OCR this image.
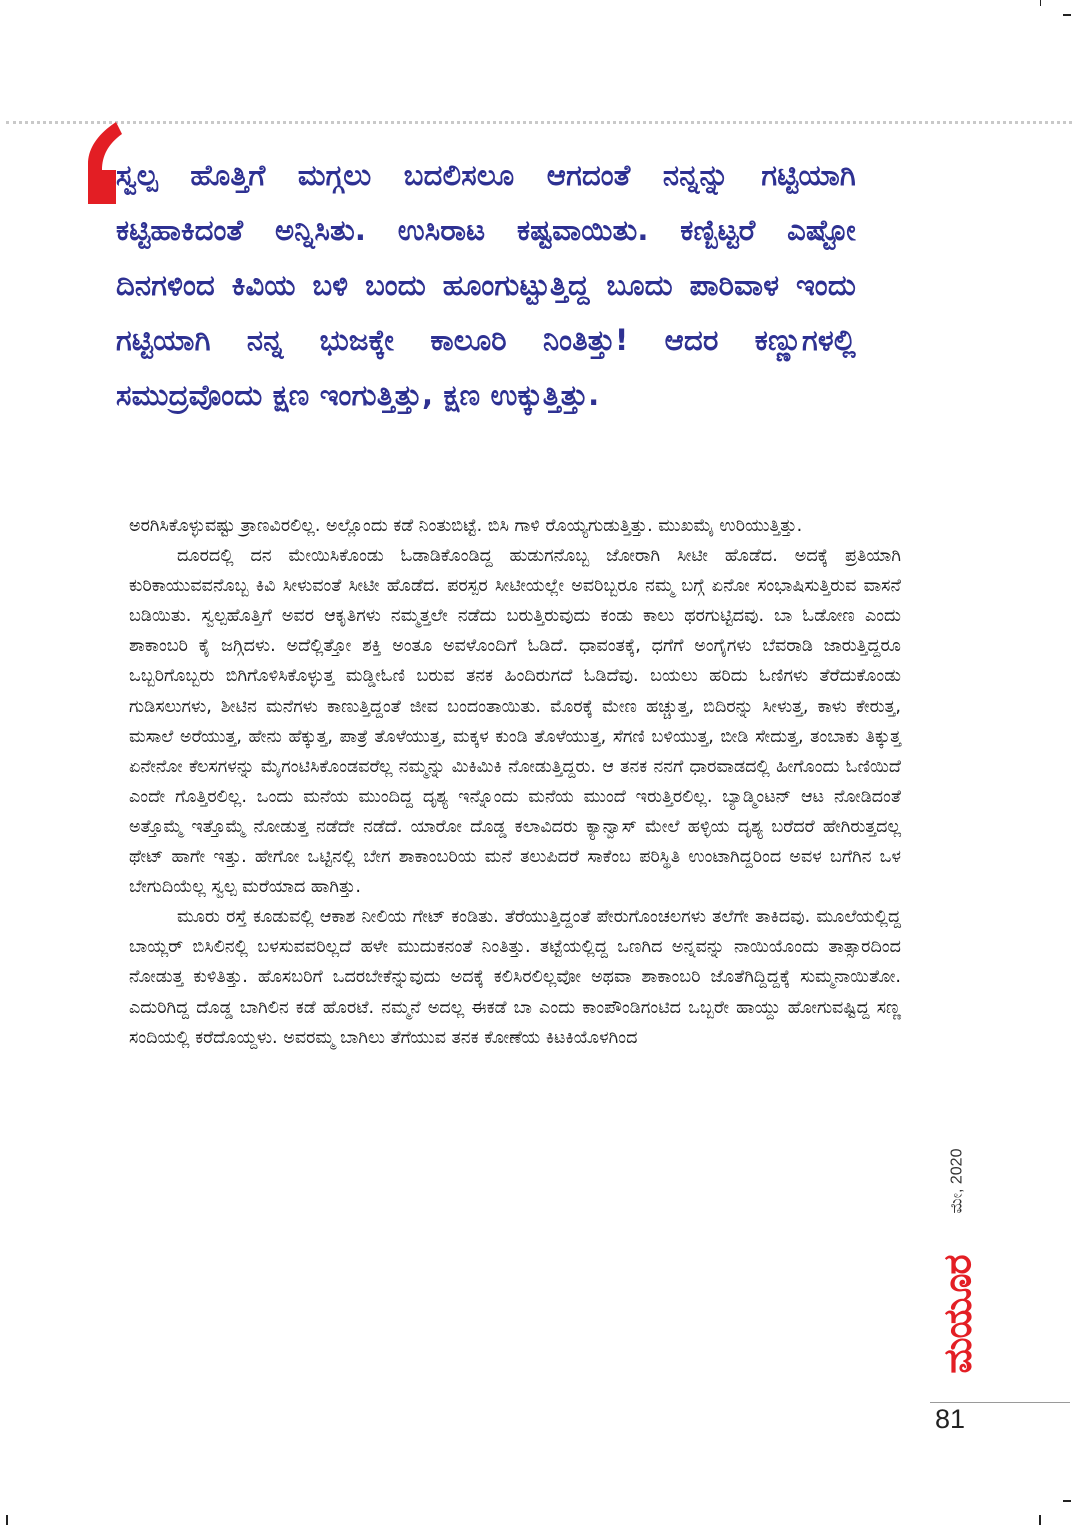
ಸ್ವಲ್ಪ ಹೊತ್ತಿಗೆ ಮಗ್ಗಲು ಬದಲಿಸಲೂ ಆಗದಂತೆ ನನ್ನನ್ನು ಗಟ್ಟಿಯಾಗಿ ಕಟ್ಟಿಹಾಕಿದಂತೆ ಅನ್ನಿಸಿತು. ಉಸಿರಾಟ ಕಷ್ಟವಾಯಿತು. ಕಣ್ಬಿಟ್ಟರೆ ಎಷ್ಟೋ ದಿನಗಳಿಂದ ಕಿವಿಯ ಬಳಿ ಬಂದು ಹೂಂಗುಟ್ಟುತ್ತಿದ್ದ ಬೂದು ಪಾರಿವಾಳ ಇಂದು ಗಟ್ಟಿಯಾಗಿ ನನ್ನ ಭುಜಕ್ಕೇ ಕಾಲೂರಿ ನಿಂತಿತ್ತು! ಆದರ ಕಣ್ಣುಗಳಲ್ಲಿ ಸಮುದ್ರವೊಂದು ಕ್ಷಣ ಇಂಗುತ್ತಿತ್ತು, ಕ್ಷಣ ಉಕ್ಕುತ್ತಿತ್ತು.

ಅರಗಿಸಿಕೊಳ್ಳುವಷ್ಟು ತ್ರಾಣವಿರಲಿಲ್ಲ. ಅಲ್ಲೊಂದು ಕಡೆ ನಿಂತುಬಿಟ್ಟೆ. ಬಿಸಿ ಗಾಳಿ ರೊಯ್ಯಗುಡುತ್ತಿತ್ತು. ಮುಖಮೈ ಉರಿಯುತ್ತಿತ್ತು.

ದೂರದಲ್ಲಿ ದನ ಮೇಯಿಸಿಕೊಂಡು ಓಡಾಡಿಕೊಂಡಿದ್ದ ಹುಡುಗನೊಬ್ಬ ಜೋರಾಗಿ ಸೀಟೀ ಹೊಡೆದ. ಅದಕ್ಕೆ ಪ್ರತಿಯಾಗಿ ಕುರಿಕಾಯುವವನೊಬ್ಬ ಕಿವಿ ಸೀಳುವಂತೆ ಸೀಟೀ ಹೊಡೆದ. ಪರಸ್ಪರ ಸೀಟೀಯಲ್ಲೇ ಅವರಿಬ್ಬರೂ ನಮ್ಮ ಬಗ್ಗೆ ಏನೋ ಸಂಭಾಷಿಸುತ್ತಿರುವ ವಾಸನೆ ಬಡಿಯಿತು. ಸ್ವಲ್ಪಹೊತ್ತಿಗೆ ಅವರ ಆಕೃತಿಗಳು ನಮ್ಮತ್ತಲೇ ನಡೆದು ಬರುತ್ತಿರುವುದು ಕಂಡು ಕಾಲು ಥರಗುಟ್ಟಿದವು. ಬಾ ಓಡೋಣ ಎಂದು ಶಾಕಾಂಬರಿ ಕೈ ಜಗ್ಗಿದಳು. ಅದೆಲ್ಲಿತ್ತೋ ಶಕ್ತಿ ಅಂತೂ ಅವಳೊಂದಿಗೆ ಓಡಿದೆ. ಧಾವಂತಕ್ಕೆ, ಧಗೆಗೆ ಅಂಗೈಗಳು ಬೆವರಾಡಿ ಜಾರುತ್ತಿದ್ದರೂ ಒಬ್ಬರಿಗೊಬ್ಬರು ಬಿಗಿಗೊಳಿಸಿಕೊಳ್ಳುತ್ತ ಮಡ್ಡೀಓಣಿ ಬರುವ ತನಕ ಹಿಂದಿರುಗದೆ ಓಡಿದೆವು. ಬಯಲು ಹರಿದು ಓಣಿಗಳು ತೆರೆದುಕೊಂಡು ಗುಡಿಸಲುಗಳು, ಶೀಟಿನ ಮನೆಗಳು ಕಾಣುತ್ತಿದ್ದಂತೆ ಜೀವ ಬಂದಂತಾಯಿತು. ಮೊರಕ್ಕೆ ಮೇಣ ಹಚ್ಚುತ್ತ, ಬಿದಿರನ್ನು ಸೀಳುತ್ತ, ಕಾಳು ಕೇರುತ್ತ, ಮಸಾಲೆ ಅರೆಯುತ್ತ, ಹೇನು ಹೆಕ್ಕುತ್ತ, ಪಾತ್ರೆ ತೊಳೆಯುತ್ತ, ಮಕ್ಕಳ ಕುಂಡಿ ತೊಳೆಯುತ್ತ, ಸೆಗಣಿ ಬಳಿಯುತ್ತ, ಬೀಡಿ ಸೇದುತ್ತ, ತಂಬಾಕು ತಿಕ್ಕುತ್ತ ಏನೇನೋ ಕೆಲಸಗಳನ್ನು ಮೈಗಂಟಿಸಿಕೊಂಡವರೆಲ್ಲ ನಮ್ಮನ್ನು ಮಿಕಿಮಿಕಿ ನೋಡುತ್ತಿದ್ದರು. ಆ ತನಕ ನನಗೆ ಧಾರವಾಡದಲ್ಲಿ ಹೀಗೊಂದು ಓಣಿಯಿದೆ ಎಂದೇ ಗೊತ್ತಿರಲಿಲ್ಲ. ಒಂದು ಮನೆಯ ಮುಂದಿದ್ದ ದೃಶ್ಯ ಇನ್ನೊಂದು ಮನೆಯ ಮುಂದೆ ಇರುತ್ತಿರಲಿಲ್ಲ. ಬ್ಯಾಡ್ಮಿಂಟನ್ ಆಟ ನೋಡಿದಂತೆ ಅತ್ತೊಮ್ಮೆ ಇತ್ತೊಮ್ಮೆ ನೋಡುತ್ತ ನಡೆದೇ ನಡೆದೆ. ಯಾರೋ ದೊಡ್ಡ ಕಲಾವಿದರು ಕ್ಯಾನ್ವಾಸ್ ಮೇಲೆ ಹಳ್ಳಿಯ ದೃಶ್ಯ ಬರೆದರೆ ಹೇಗಿರುತ್ತದಲ್ಲ ಥೇಟ್ ಹಾಗೇ ಇತ್ತು. ಹೇಗೋ ಒಟ್ಟಿನಲ್ಲಿ ಬೇಗ ಶಾಕಾಂಬರಿಯ ಮನೆ ತಲುಪಿದರೆ ಸಾಕೆಂಬ ಪರಿಸ್ಥಿತಿ ಉಂಟಾಗಿದ್ದರಿಂದ ಅವಳ ಬಗೆಗಿನ ಒಳ ಬೇಗುದಿಯೆಲ್ಲ ಸ್ವಲ್ಪ ಮರೆಯಾದ ಹಾಗಿತ್ತು.

ಮೂರು ರಸ್ತೆ ಕೂಡುವಲ್ಲಿ ಆಕಾಶ ನೀಲಿಯ ಗೇಟ್ ಕಂಡಿತು. ತೆರೆಯುತ್ತಿದ್ದಂತೆ ಪೇರುಗೊಂಚಲಗಳು ತಲೆಗೇ ತಾಕಿದವು. ಮೂಲೆಯಲ್ಲಿದ್ದ ಬಾಯ್ಲರ್ ಬಿಸಿಲಿನಲ್ಲಿ ಬಳಸುವವರಿಲ್ಲದೆ ಹಳೇ ಮುದುಕನಂತೆ ನಿಂತಿತ್ತು. ತಟ್ಟೆಯಲ್ಲಿದ್ದ ಒಣಗಿದ ಅನ್ನವನ್ನು ನಾಯಿಯೊಂದು ತಾತ್ಸಾರದಿಂದ ನೋಡುತ್ತ ಕುಳಿತಿತ್ತು. ಹೊಸಬರಿಗೆ ಒದರಬೇಕೆನ್ನುವುದು ಅದಕ್ಕೆ ಕಲಿಸಿರಲಿಲ್ಲವೋ ಅಥವಾ ಶಾಕಾಂಬರಿ ಜೊತೆಗಿದ್ದಿದ್ದಕ್ಕೆ ಸುಮ್ಮನಾಯಿತೋ. ಎದುರಿಗಿದ್ದ ದೊಡ್ಡ ಬಾಗಿಲಿನ ಕಡೆ ಹೊರಟೆ. ನಮ್ಮನೆ ಅದಲ್ಲ ಈಕಡೆ ಬಾ ಎಂದು ಕಾಂಪೌಂಡಿಗಂಟಿದ ಒಬ್ಬರೇ ಹಾಯ್ದು ಹೋಗುವಷ್ಟಿದ್ದ ಸಣ್ಣ ಸಂದಿಯಲ್ಲಿ ಕರೆದೊಯ್ದಳು. ಅವರಮ್ಮ ಬಾಗಿಲು ತೆಗೆಯುವ ತನಕ ಕೋಣೆಯ ಕಿಟಕಿಯೊಳಗಿಂದ

ಮೇ, 2020
ಮಯೂರ
81
